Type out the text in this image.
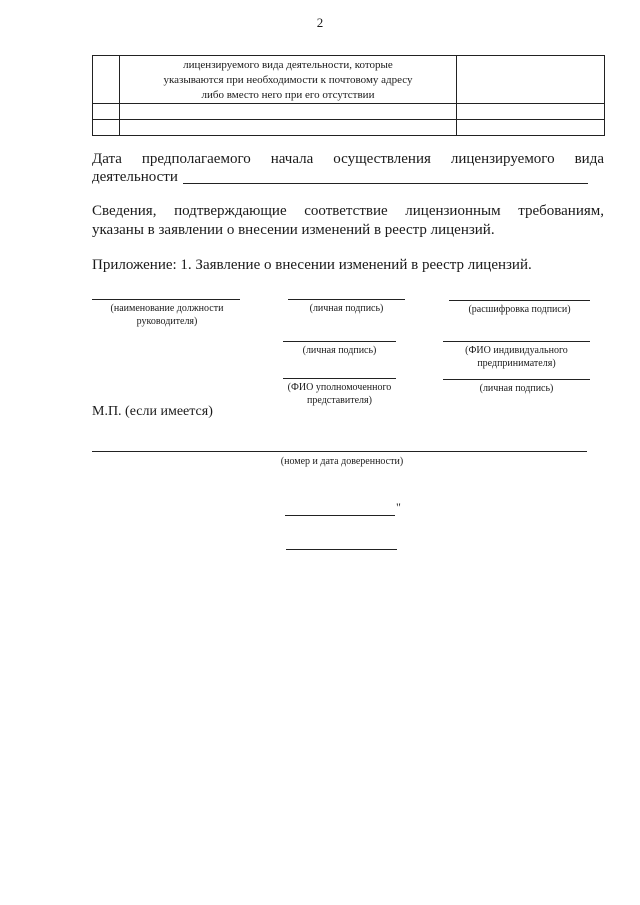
2

	лицензируемого вида деятельности, которые
указываются при необходимости к почтовому адресу
либо вместо него при его отсутствии	

Дата предполагаемого начала осуществления лицензируемого вида
деятельности
Сведения, подтверждающие соответствие лицензионным требованиям,
указаны в заявлении о внесении изменений в реестр лицензий.
Приложение: 1. Заявление о внесении изменений в реестр лицензий.
(наименование должности
руководителя)
(личная подпись)	(расшифровка подписи)
(личная подпись)	(ФИО индивидуального
предпринимателя)
(ФИО уполномоченного
представителя)
(личная подпись)
М.П. (если имеется)
(номер и дата доверенности)
"
